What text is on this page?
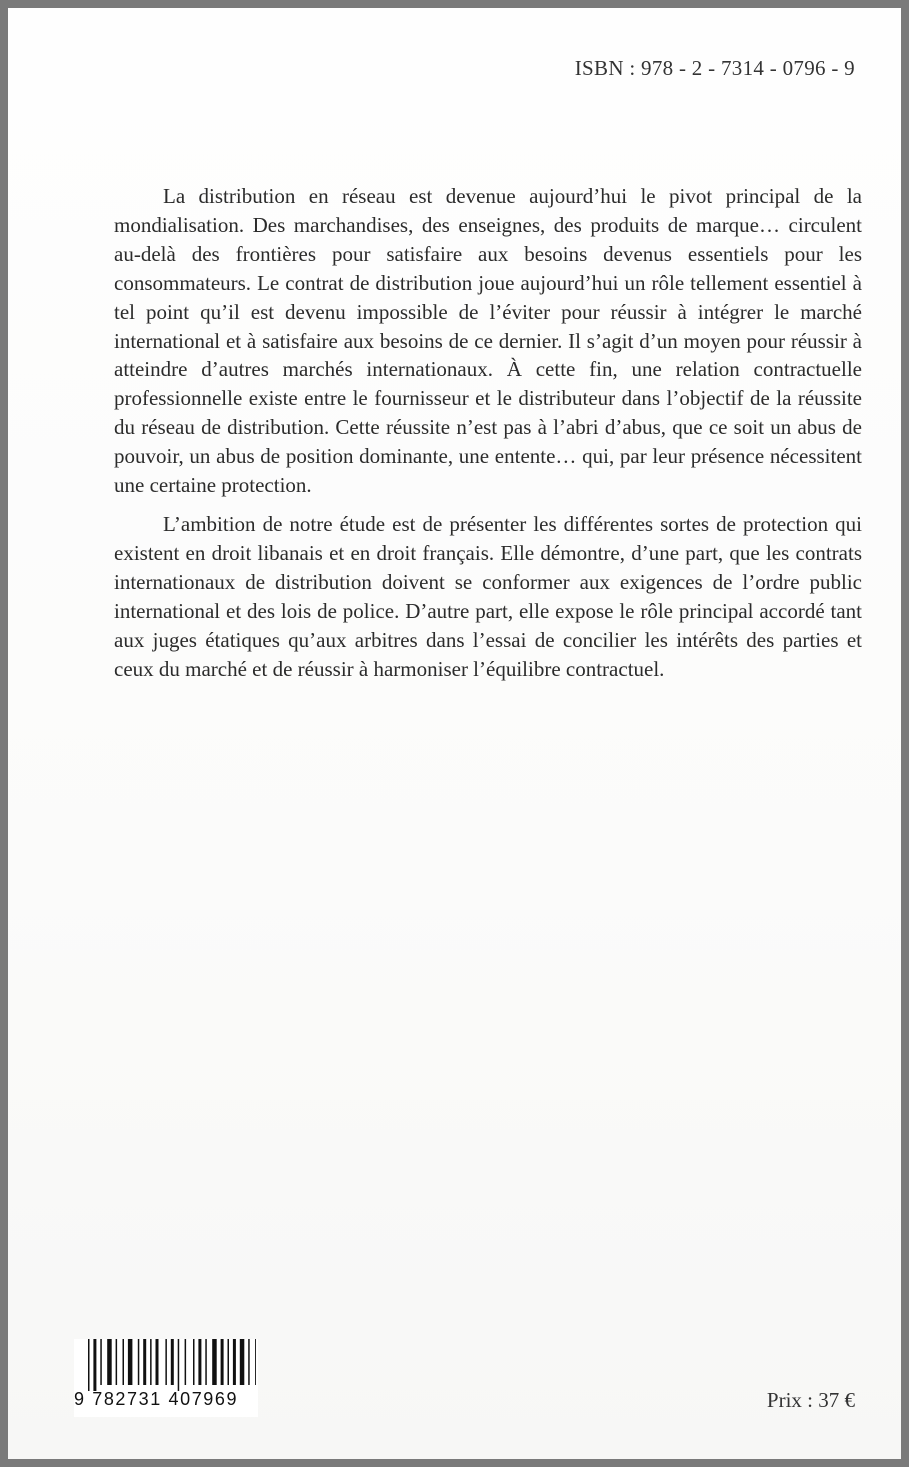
ISBN : 978 - 2 - 7314 - 0796 - 9

La distribution en réseau est devenue aujourd’hui le pivot principal de la mondialisation. Des marchandises, des enseignes, des produits de marque… circulent au-delà des frontières pour satisfaire aux besoins devenus essentiels pour les consommateurs. Le contrat de distribution joue aujourd’hui un rôle tellement essentiel à tel point qu’il est devenu impossible de l’éviter pour réussir à intégrer le marché international et à satisfaire aux besoins de ce dernier. Il s’agit d’un moyen pour réussir à atteindre d’autres marchés internationaux. À cette fin, une relation contractuelle professionnelle existe entre le fournisseur et le distributeur dans l’objectif de la réussite du réseau de distribution. Cette réussite n’est pas à l’abri d’abus, que ce soit un abus de pouvoir, un abus de position dominante, une entente… qui, par leur présence nécessitent une certaine protection.

L’ambition de notre étude est de présenter les différentes sortes de protection qui existent en droit libanais et en droit français. Elle démontre, d’une part, que les contrats internationaux de distribution doivent se conformer aux exigences de l’ordre public international et des lois de police. D’autre part, elle expose le rôle principal accordé tant aux juges étatiques qu’aux arbitres dans l’essai de concilier les intérêts des parties et ceux du marché et de réussir à harmoniser l’équilibre contractuel.

9 782731 407969	Prix : 37 €
